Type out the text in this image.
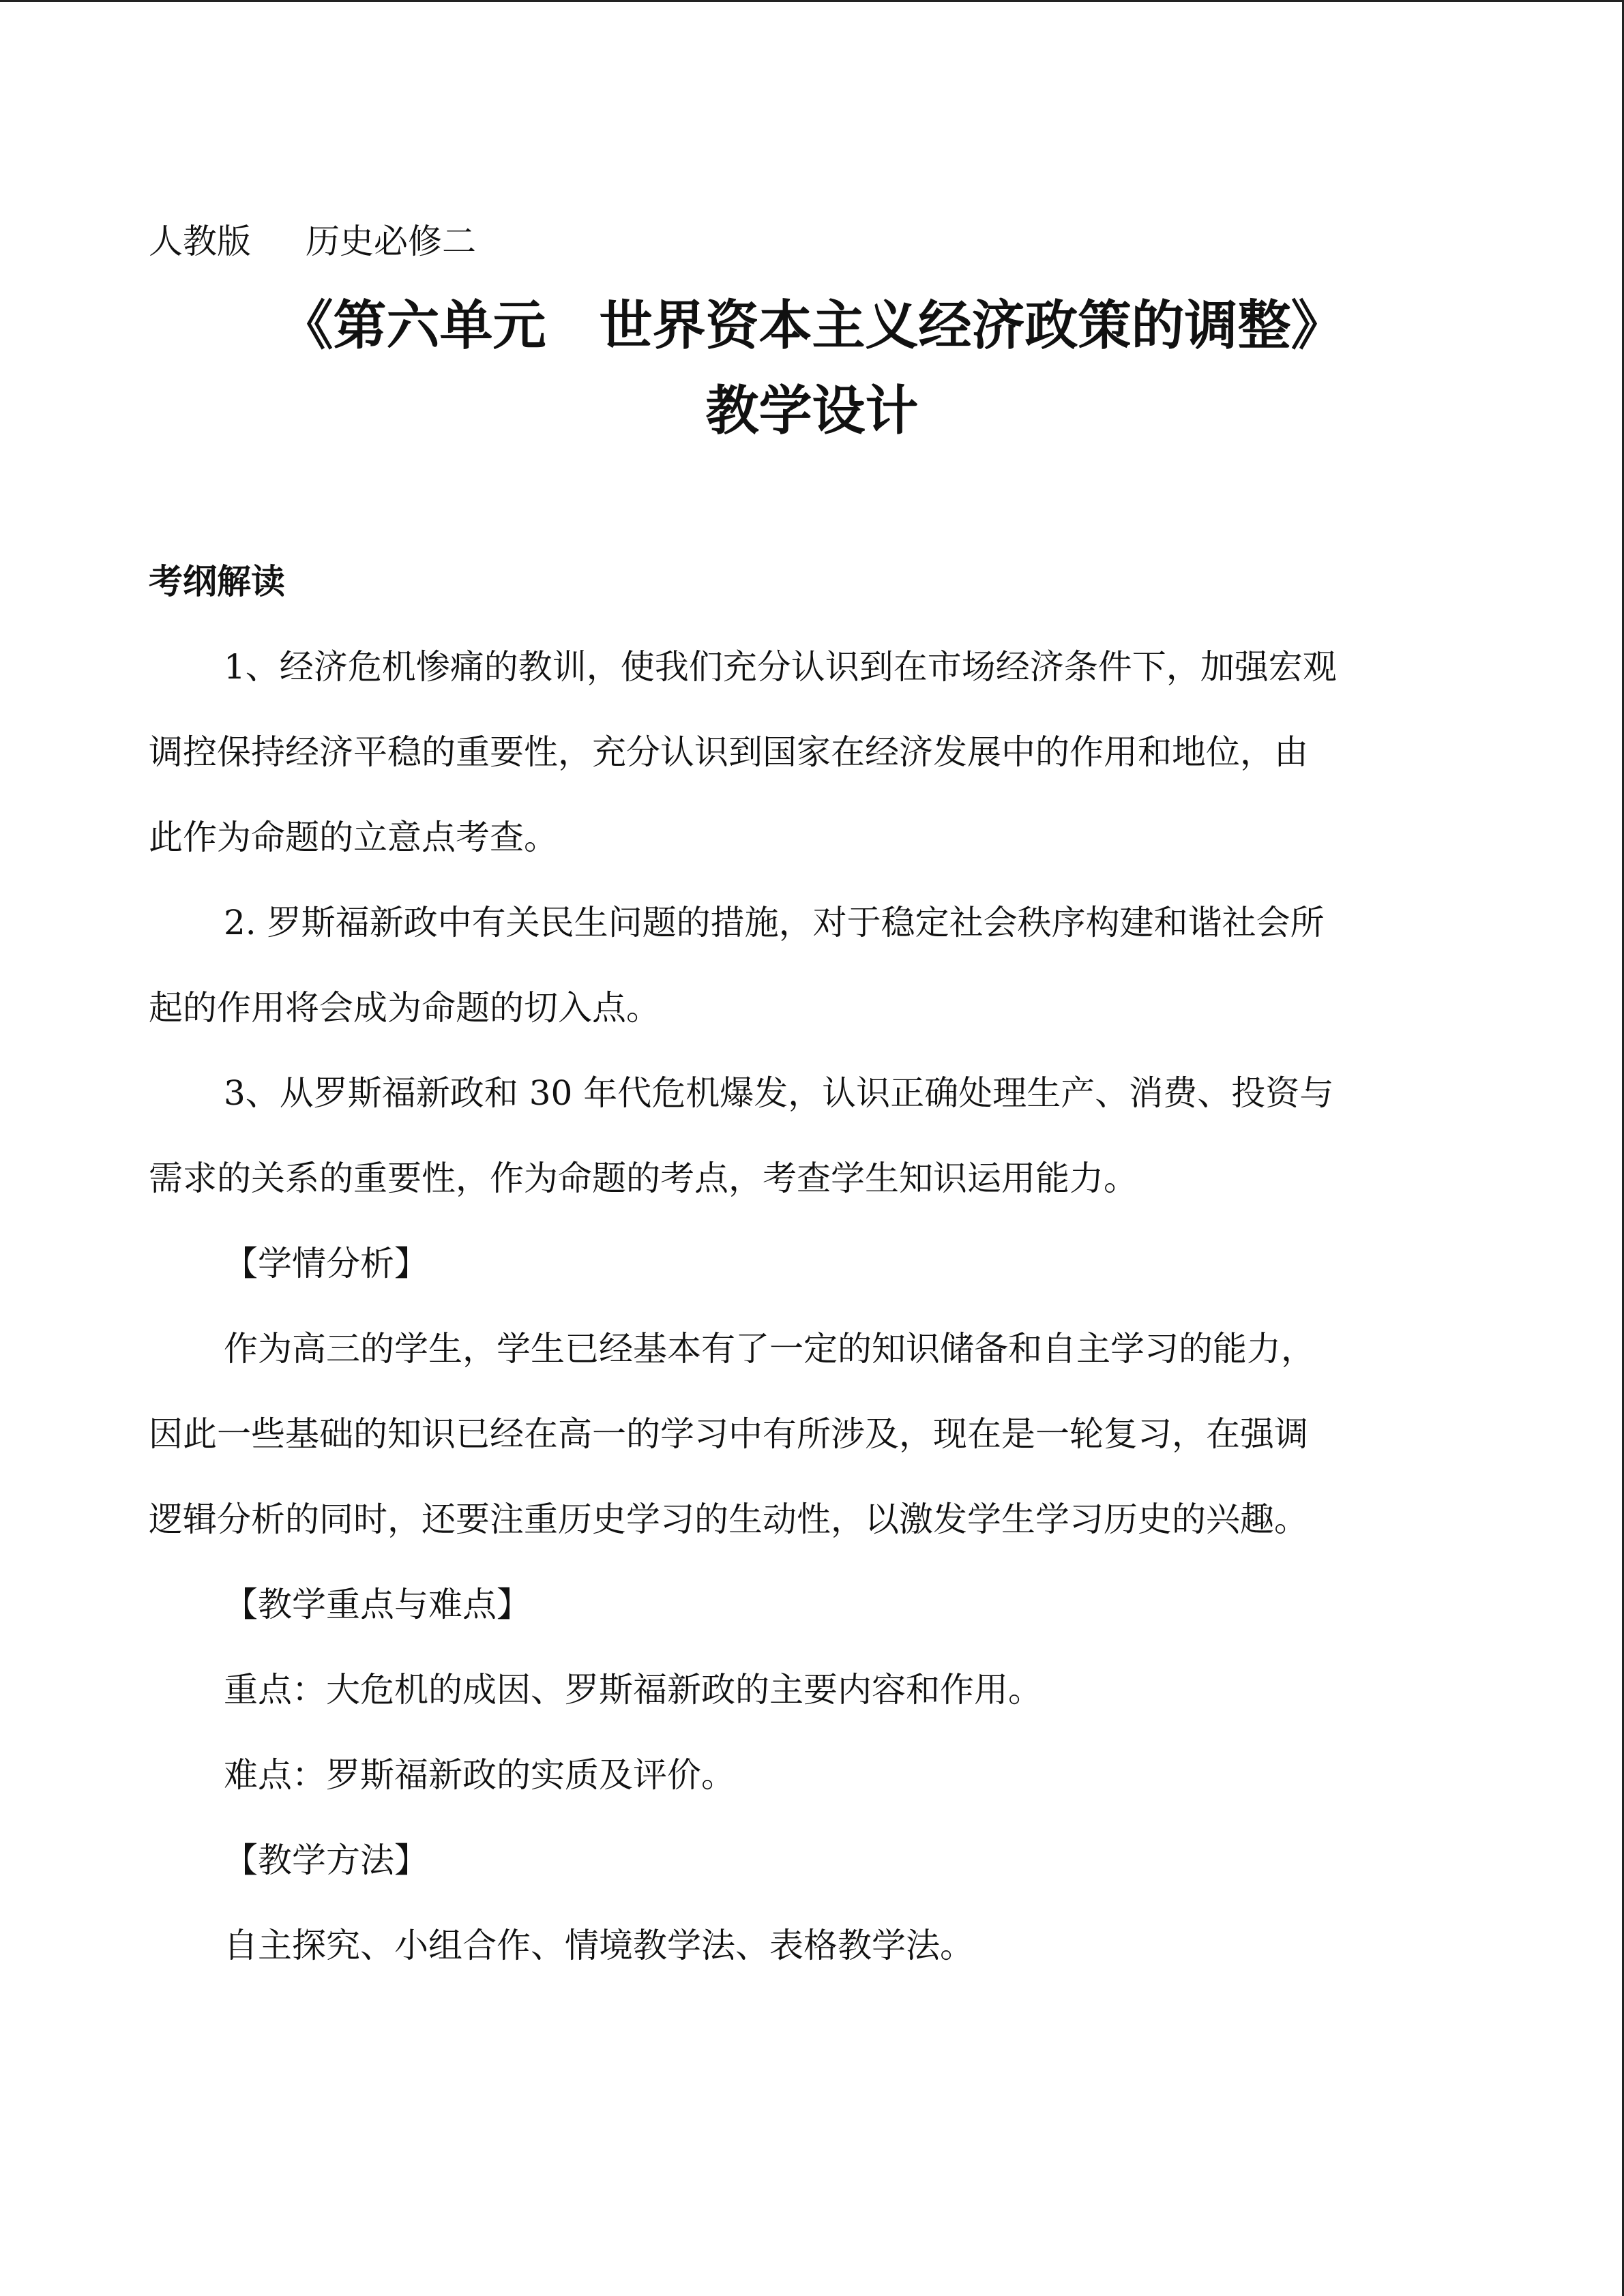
人教版 历史必修二
《第六单元　世界资本主义经济政策的调整》
教学设计
考纲解读
1、经济危机惨痛的教训，使我们充分认识到在市场经济条件下，加强宏观
调控保持经济平稳的重要性，充分认识到国家在经济发展中的作用和地位，由
此作为命题的立意点考查。
2. 罗斯福新政中有关民生问题的措施，对于稳定社会秩序构建和谐社会所
起的作用将会成为命题的切入点。
3、从罗斯福新政和 30 年代危机爆发，认识正确处理生产、消费、投资与
需求的关系的重要性，作为命题的考点，考查学生知识运用能力。
【学情分析】
作为高三的学生，学生已经基本有了一定的知识储备和自主学习的能力，
因此一些基础的知识已经在高一的学习中有所涉及，现在是一轮复习，在强调
逻辑分析的同时，还要注重历史学习的生动性，以激发学生学习历史的兴趣。
【教学重点与难点】
重点：大危机的成因、罗斯福新政的主要内容和作用。
难点：罗斯福新政的实质及评价。
【教学方法】
自主探究、小组合作、情境教学法、表格教学法。
